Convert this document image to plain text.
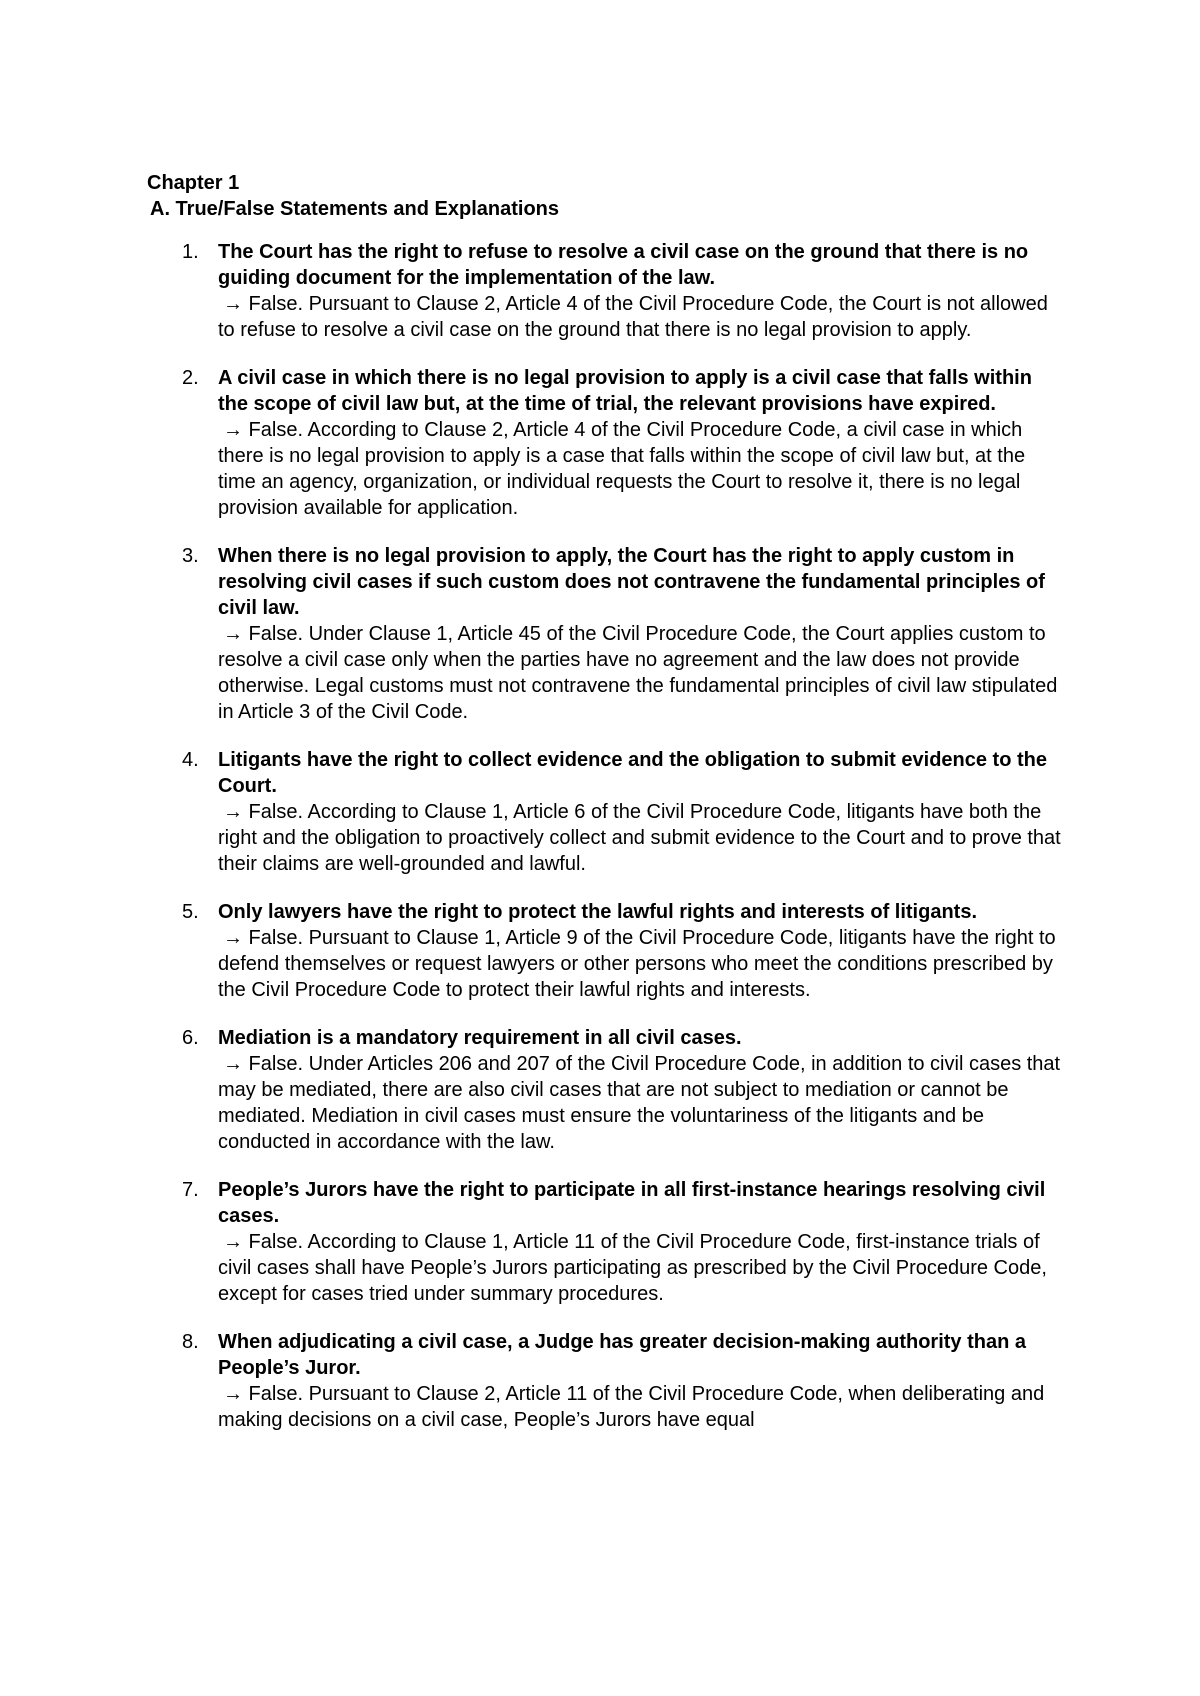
Chapter 1

A. True/False Statements and Explanations

1. The Court has the right to refuse to resolve a civil case on the ground that there is no guiding document for the implementation of the law.

→ False. Pursuant to Clause 2, Article 4 of the Civil Procedure Code, the Court is not allowed to refuse to resolve a civil case on the ground that there is no legal provision to apply.

2. A civil case in which there is no legal provision to apply is a civil case that falls within the scope of civil law but, at the time of trial, the relevant provisions have expired.

→ False. According to Clause 2, Article 4 of the Civil Procedure Code, a civil case in which there is no legal provision to apply is a case that falls within the scope of civil law but, at the time an agency, organization, or individual requests the Court to resolve it, there is no legal provision available for application.

3. When there is no legal provision to apply, the Court has the right to apply custom in resolving civil cases if such custom does not contravene the fundamental principles of civil law.

→ False. Under Clause 1, Article 45 of the Civil Procedure Code, the Court applies custom to resolve a civil case only when the parties have no agreement and the law does not provide otherwise. Legal customs must not contravene the fundamental principles of civil law stipulated in Article 3 of the Civil Code.

4. Litigants have the right to collect evidence and the obligation to submit evidence to the Court.

→ False. According to Clause 1, Article 6 of the Civil Procedure Code, litigants have both the right and the obligation to proactively collect and submit evidence to the Court and to prove that their claims are well-grounded and lawful.

5. Only lawyers have the right to protect the lawful rights and interests of litigants.

→ False. Pursuant to Clause 1, Article 9 of the Civil Procedure Code, litigants have the right to defend themselves or request lawyers or other persons who meet the conditions prescribed by the Civil Procedure Code to protect their lawful rights and interests.

6. Mediation is a mandatory requirement in all civil cases.

→ False. Under Articles 206 and 207 of the Civil Procedure Code, in addition to civil cases that may be mediated, there are also civil cases that are not subject to mediation or cannot be mediated. Mediation in civil cases must ensure the voluntariness of the litigants and be conducted in accordance with the law.

7. People’s Jurors have the right to participate in all first-instance hearings resolving civil cases.

→ False. According to Clause 1, Article 11 of the Civil Procedure Code, first-instance trials of civil cases shall have People’s Jurors participating as prescribed by the Civil Procedure Code, except for cases tried under summary procedures.

8. When adjudicating a civil case, a Judge has greater decision-making authority than a People’s Juror.

→ False. Pursuant to Clause 2, Article 11 of the Civil Procedure Code, when deliberating and making decisions on a civil case, People’s Jurors have equal
